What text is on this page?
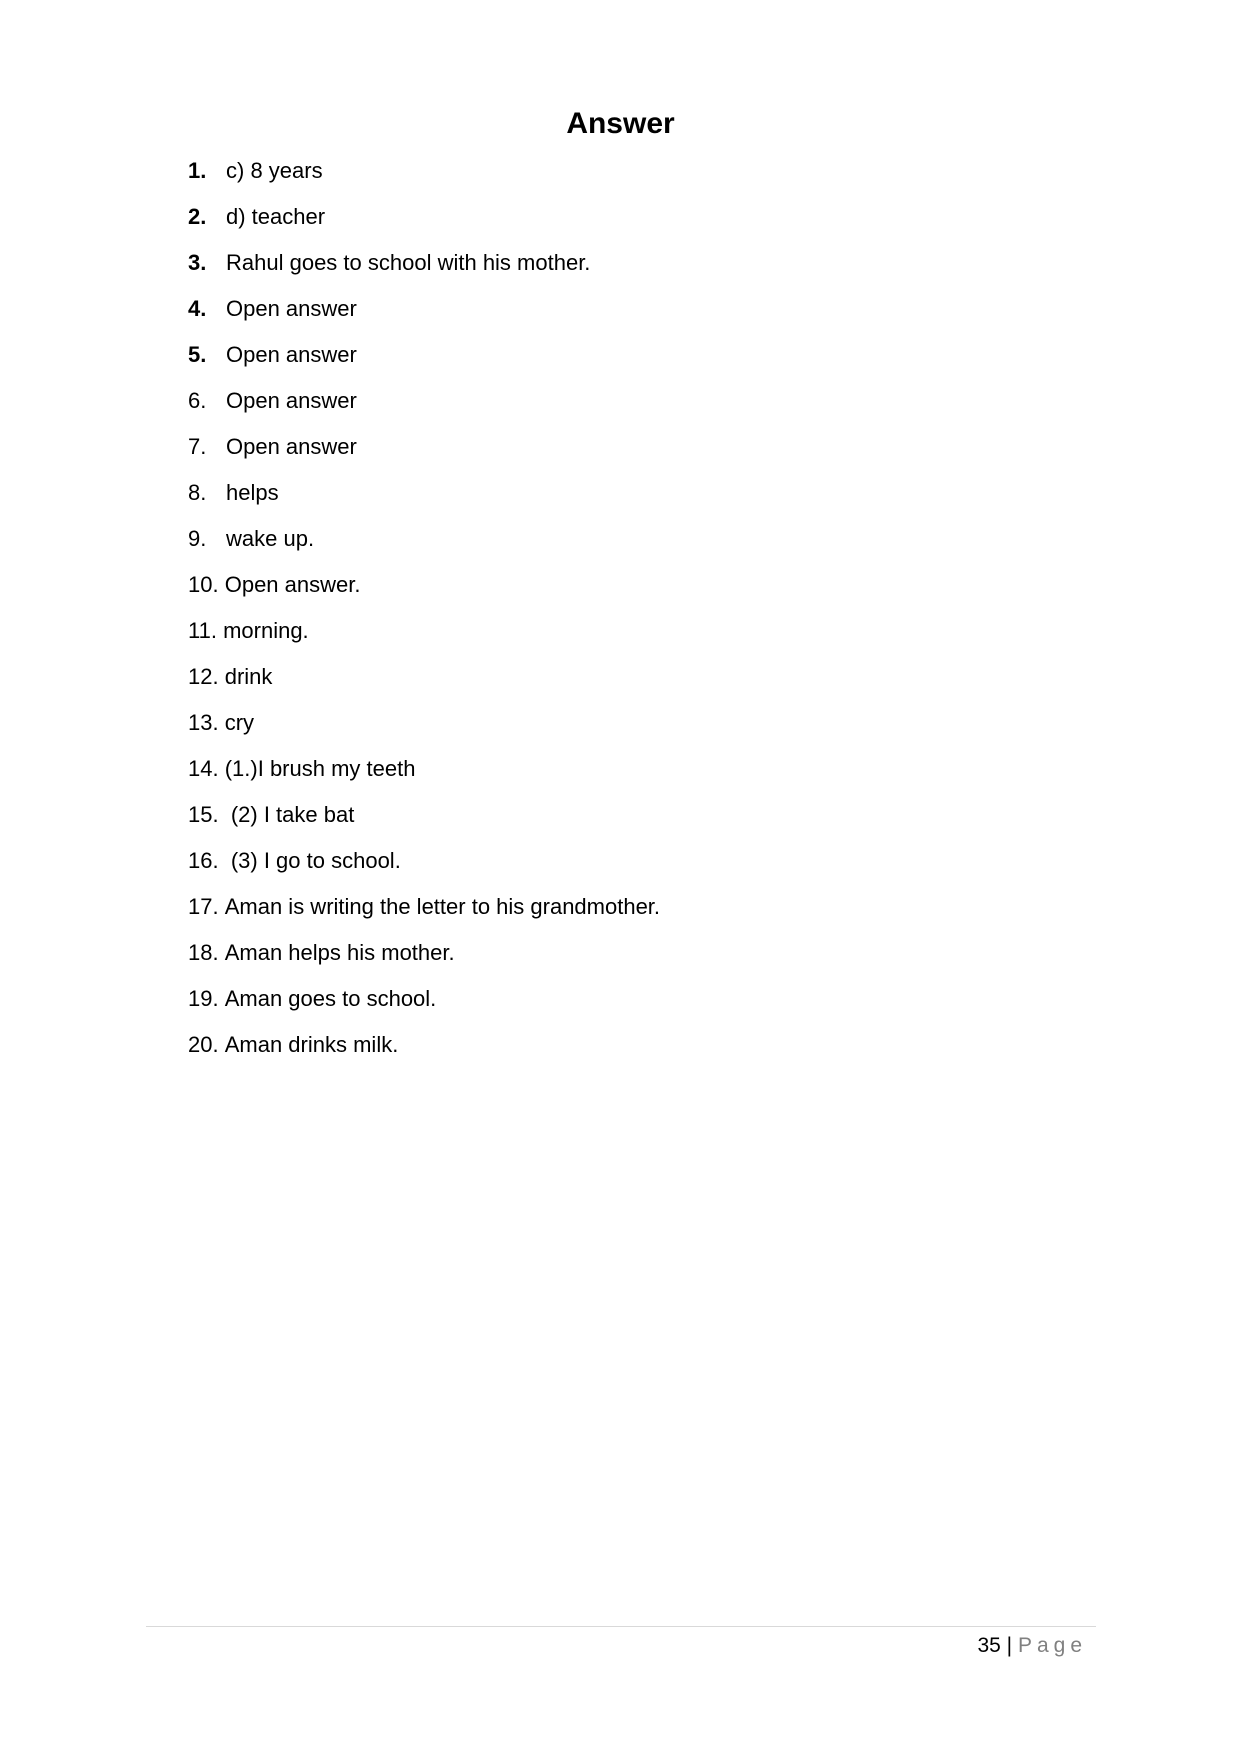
Answer
1. c) 8 years
2. d) teacher
3. Rahul goes to school with his mother.
4. Open answer
5. Open answer
6. Open answer
7. Open answer
8. helps
9. wake up.
10.
Open answer.
11.
morning.
12.
drink
13.
cry
14.
(1.)I brush my teeth
15.
(2) I take bat
16.
(3) I go to school.
17.
Aman is writing the letter to his grandmother.
18.
Aman helps his mother.
19.
Aman goes to school.
20.
Aman drinks milk.
35 | Page
